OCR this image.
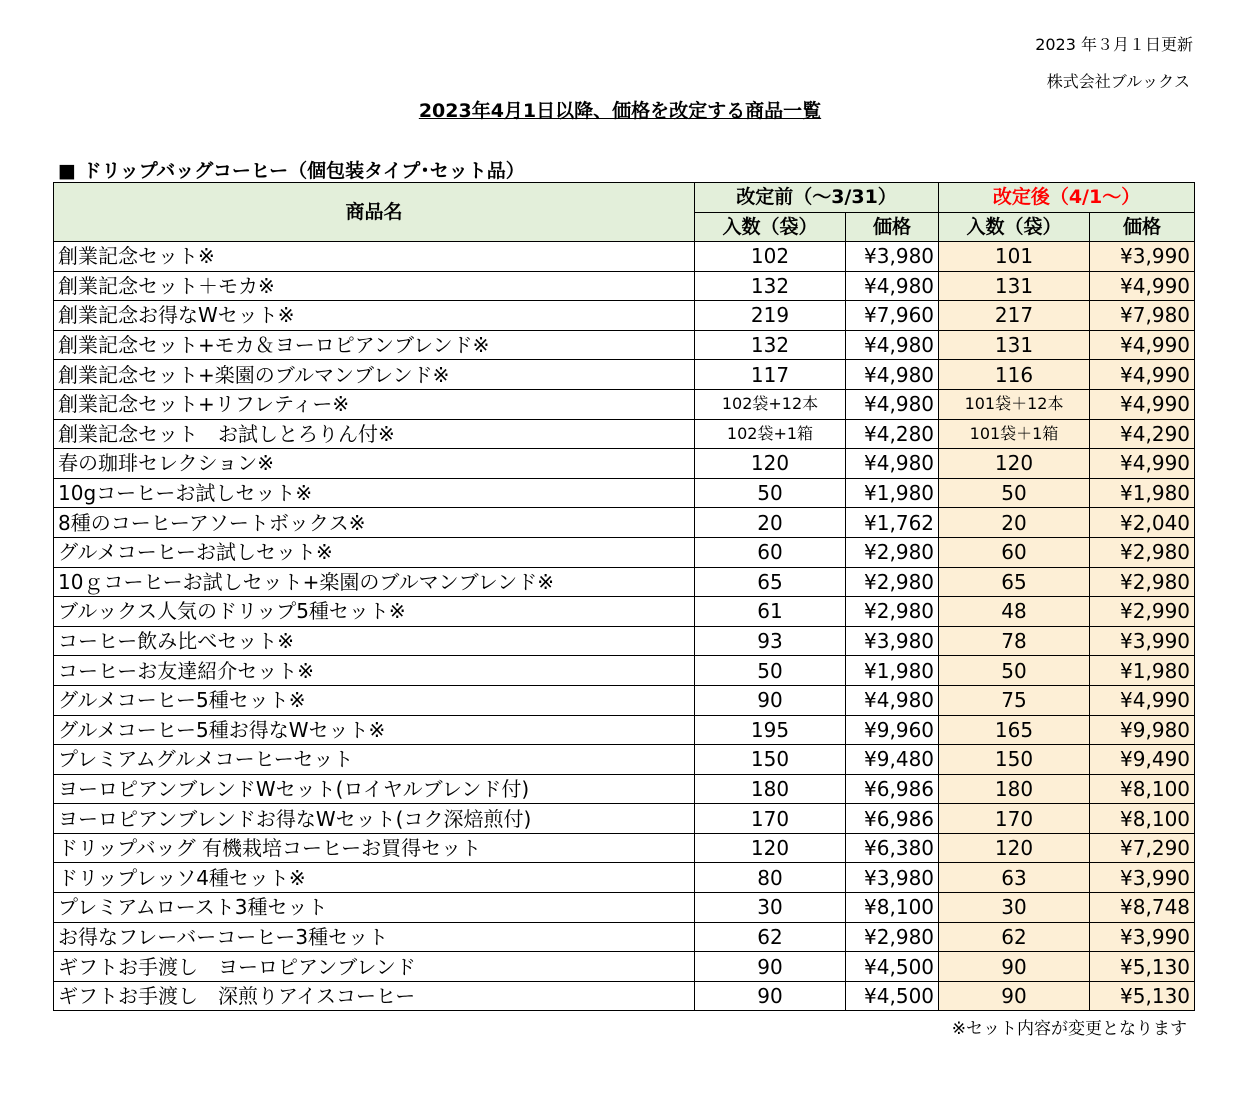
2023 年３月１日更新
株式会社ブルックス
2023年4月1日以降、価格を改定する商品一覧
■ ドリップバッグコーヒー（個包装タイプ･セット品）
商品名	改定前（～3/31）		改定後（4/1～）	
	入数（袋）	価格	入数（袋）	価格
創業記念セット※	102	¥3,980	101	¥3,990
創業記念セット＋モカ※	132	¥4,980	131	¥4,990
創業記念お得なWセット※	219	¥7,960	217	¥7,980
創業記念セット+モカ＆ヨーロピアンブレンド※	132	¥4,980	131	¥4,990
創業記念セット+楽園のブルマンブレンド※	117	¥4,980	116	¥4,990
創業記念セット+リフレティー※	102袋+12本	¥4,980	101袋＋12本	¥4,990
創業記念セット　お試しとろりん付※	102袋+1箱	¥4,280	101袋＋1箱	¥4,290
春の珈琲セレクション※	120	¥4,980	120	¥4,990
10gコーヒーお試しセット※	50	¥1,980	50	¥1,980
8種のコーヒーアソートボックス※	20	¥1,762	20	¥2,040
グルメコーヒーお試しセット※	60	¥2,980	60	¥2,980
10ｇコーヒーお試しセット+楽園のブルマンブレンド※	65	¥2,980	65	¥2,980
ブルックス人気のドリップ5種セット※	61	¥2,980	48	¥2,990
コーヒー飲み比べセット※	93	¥3,980	78	¥3,990
コーヒーお友達紹介セット※	50	¥1,980	50	¥1,980
グルメコーヒー5種セット※	90	¥4,980	75	¥4,990
グルメコーヒー5種お得なWセット※	195	¥9,960	165	¥9,980
プレミアムグルメコーヒーセット	150	¥9,480	150	¥9,490
ヨーロピアンブレンドWセット(ロイヤルブレンド付)	180	¥6,986	180	¥8,100
ヨーロピアンブレンドお得なWセット(コク深焙煎付)	170	¥6,986	170	¥8,100
ドリップバッグ 有機栽培コーヒーお買得セット	120	¥6,380	120	¥7,290
ドリップレッソ4種セット※	80	¥3,980	63	¥3,990
プレミアムロースト3種セット	30	¥8,100	30	¥8,748
お得なフレーバーコーヒー3種セット	62	¥2,980	62	¥3,990
ギフトお手渡し　ヨーロピアンブレンド	90	¥4,500	90	¥5,130
ギフトお手渡し　深煎りアイスコーヒー	90	¥4,500	90	¥5,130
※セット内容が変更となります
